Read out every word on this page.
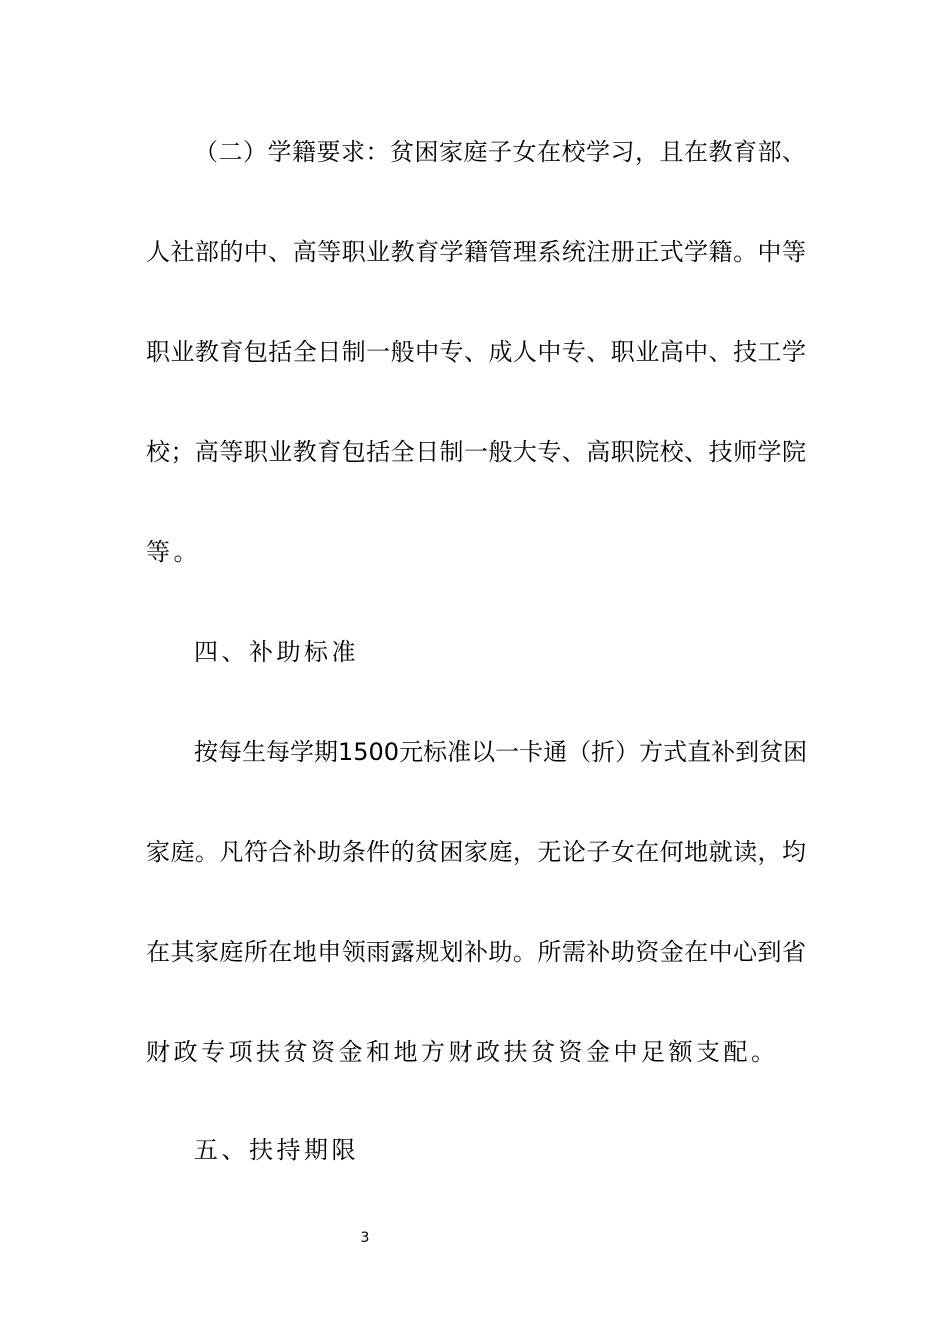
（二）学籍要求：贫困家庭子女在校学习，且在教育部、
人社部的中、高等职业教育学籍管理系统注册正式学籍。中等
职业教育包括全日制一般中专、成人中专、职业高中、技工学
校；高等职业教育包括全日制一般大专、高职院校、技师学院
等。
四、补助标准
按每生每学期1500元标准以一卡通（折）方式直补到贫困
家庭。凡符合补助条件的贫困家庭，无论子女在何地就读，均
在其家庭所在地申领雨露规划补助。所需补助资金在中心到省
财政专项扶贫资金和地方财政扶贫资金中足额支配。
五、扶持期限
3
